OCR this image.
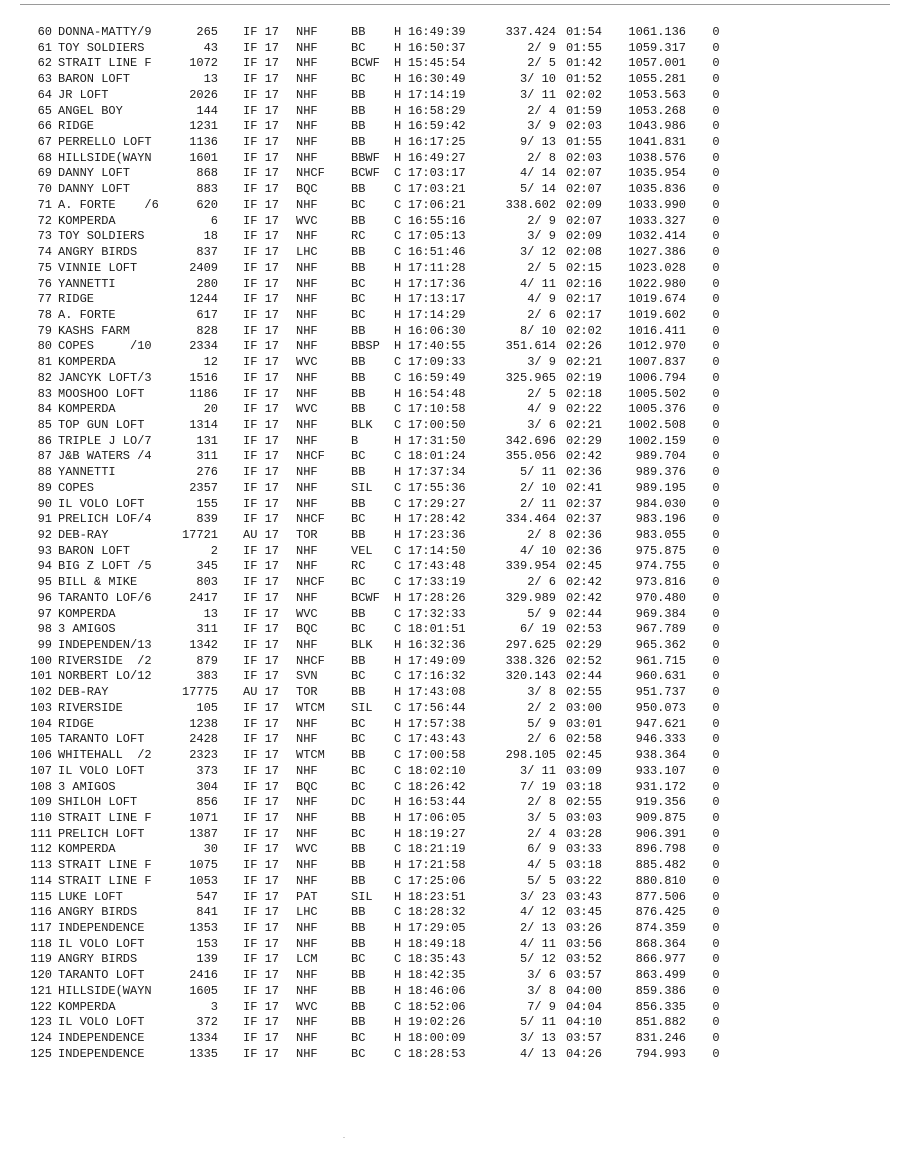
60 DONNA-MATTY/9	265 IF 17	NHF	BB	H 16:49:39	337.424 01:54	1061.136 0
61 TOY SOLDIERS	43 IF 17	NHF	BC	H 16:50:37	2/ 9 01:55	1059.317 0
62 STRAIT LINE F	1072 IF 17	NHF	BCWF	H 15:45:54	2/ 5 01:42	1057.001 0
63 BARON LOFT	13 IF 17	NHF	BC	H 16:30:49	3/ 10 01:52	1055.281 0
64 JR LOFT	2026 IF 17	NHF	BB	H 17:14:19	3/ 11 02:02	1053.563 0
65 ANGEL BOY	144 IF 17	NHF	BB	H 16:58:29	2/ 4 01:59	1053.268 0
66 RIDGE	1231 IF 17	NHF	BB	H 16:59:42	3/ 9 02:03	1043.986 0
67 PERRELLO LOFT	1136 IF 17	NHF	BB	H 16:17:25	9/ 13 01:55	1041.831 0
68 HILLSIDE(WAYN	1601 IF 17	NHF	BBWF	H 16:49:27	2/ 8 02:03	1038.576 0
69 DANNY LOFT	868 IF 17	NHCF	BCWF	C 17:03:17	4/ 14 02:07	1035.954 0
70 DANNY LOFT	883 IF 17	BQC	BB	C 17:03:21	5/ 14 02:07	1035.836 0
71 A. FORTE    /6	620 IF 17	NHF	BC	C 17:06:21	338.602 02:09	1033.990 0
72 KOMPERDA	6 IF 17	WVC	BB	C 16:55:16	2/ 9 02:07	1033.327 0
73 TOY SOLDIERS	18 IF 17	NHF	RC	C 17:05:13	3/ 9 02:09	1032.414 0
74 ANGRY BIRDS	837 IF 17	LHC	BB	C 16:51:46	3/ 12 02:08	1027.386 0
75 VINNIE LOFT	2409 IF 17	NHF	BB	H 17:11:28	2/ 5 02:15	1023.028 0
76 YANNETTI	280 IF 17	NHF	BC	H 17:17:36	4/ 11 02:16	1022.980 0
77 RIDGE	1244 IF 17	NHF	BC	H 17:13:17	4/ 9 02:17	1019.674 0
78 A. FORTE	617 IF 17	NHF	BC	H 17:14:29	2/ 6 02:17	1019.602 0
79 KASHS FARM	828 IF 17	NHF	BB	H 16:06:30	8/ 10 02:02	1016.411 0
80 COPES     /10	2334 IF 17	NHF	BBSP	H 17:40:55	351.614 02:26	1012.970 0
81 KOMPERDA	12 IF 17	WVC	BB	C 17:09:33	3/ 9 02:21	1007.837 0
82 JANCYK LOFT/3	1516 IF 17	NHF	BB	C 16:59:49	325.965 02:19	1006.794 0
83 MOOSHOO LOFT	1186 IF 17	NHF	BB	H 16:54:48	2/ 5 02:18	1005.502 0
84 KOMPERDA	20 IF 17	WVC	BB	C 17:10:58	4/ 9 02:22	1005.376 0
85 TOP GUN LOFT	1314 IF 17	NHF	BLK	C 17:00:50	3/ 6 02:21	1002.508 0
86 TRIPLE J LO/7	131 IF 17	NHF	B	H 17:31:50	342.696 02:29	1002.159 0
87 J&B WATERS /4	311 IF 17	NHCF	BC	C 18:01:24	355.056 02:42	989.704 0
88 YANNETTI	276 IF 17	NHF	BB	H 17:37:34	5/ 11 02:36	989.376 0
89 COPES	2357 IF 17	NHF	SIL	C 17:55:36	2/ 10 02:41	989.195 0
90 IL VOLO LOFT	155 IF 17	NHF	BB	C 17:29:27	2/ 11 02:37	984.030 0
91 PRELICH LOF/4	839 IF 17	NHCF	BC	H 17:28:42	334.464 02:37	983.196 0
92 DEB-RAY	17721 AU 17	TOR	BB	H 17:23:36	2/ 8 02:36	983.055 0
93 BARON LOFT	2 IF 17	NHF	VEL	C 17:14:50	4/ 10 02:36	975.875 0
94 BIG Z LOFT /5	345 IF 17	NHF	RC	C 17:43:48	339.954 02:45	974.755 0
95 BILL & MIKE	803 IF 17	NHCF	BC	C 17:33:19	2/ 6 02:42	973.816 0
96 TARANTO LOF/6	2417 IF 17	NHF	BCWF	H 17:28:26	329.989 02:42	970.480 0
97 KOMPERDA	13 IF 17	WVC	BB	C 17:32:33	5/ 9 02:44	969.384 0
98 3 AMIGOS	311 IF 17	BQC	BC	C 18:01:51	6/ 19 02:53	967.789 0
99 INDEPENDEN/13	1342 IF 17	NHF	BLK	H 16:32:36	297.625 02:29	965.362 0
100 RIVERSIDE  /2	879 IF 17	NHCF	BB	H 17:49:09	338.326 02:52	961.715 0
101 NORBERT LO/12	383 IF 17	SVN	BC	C 17:16:32	320.143 02:44	960.631 0
102 DEB-RAY	17775 AU 17	TOR	BB	H 17:43:08	3/ 8 02:55	951.737 0
103 RIVERSIDE	105 IF 17	WTCM	SIL	C 17:56:44	2/ 2 03:00	950.073 0
104 RIDGE	1238 IF 17	NHF	BC	H 17:57:38	5/ 9 03:01	947.621 0
105 TARANTO LOFT	2428 IF 17	NHF	BC	C 17:43:43	2/ 6 02:58	946.333 0
106 WHITEHALL  /2	2323 IF 17	WTCM	BB	C 17:00:58	298.105 02:45	938.364 0
107 IL VOLO LOFT	373 IF 17	NHF	BC	C 18:02:10	3/ 11 03:09	933.107 0
108 3 AMIGOS	304 IF 17	BQC	BC	C 18:26:42	7/ 19 03:18	931.172 0
109 SHILOH LOFT	856 IF 17	NHF	DC	H 16:53:44	2/ 8 02:55	919.356 0
110 STRAIT LINE F	1071 IF 17	NHF	BB	H 17:06:05	3/ 5 03:03	909.875 0
111 PRELICH LOFT	1387 IF 17	NHF	BC	H 18:19:27	2/ 4 03:28	906.391 0
112 KOMPERDA	30 IF 17	WVC	BB	C 18:21:19	6/ 9 03:33	896.798 0
113 STRAIT LINE F	1075 IF 17	NHF	BB	H 17:21:58	4/ 5 03:18	885.482 0
114 STRAIT LINE F	1053 IF 17	NHF	BB	C 17:25:06	5/ 5 03:22	880.810 0
115 LUKE LOFT	547 IF 17	PAT	SIL	H 18:23:51	3/ 23 03:43	877.506 0
116 ANGRY BIRDS	841 IF 17	LHC	BB	C 18:28:32	4/ 12 03:45	876.425 0
117 INDEPENDENCE	1353 IF 17	NHF	BB	H 17:29:05	2/ 13 03:26	874.359 0
118 IL VOLO LOFT	153 IF 17	NHF	BB	H 18:49:18	4/ 11 03:56	868.364 0
119 ANGRY BIRDS	139 IF 17	LCM	BC	C 18:35:43	5/ 12 03:52	866.977 0
120 TARANTO LOFT	2416 IF 17	NHF	BB	H 18:42:35	3/ 6 03:57	863.499 0
121 HILLSIDE(WAYN	1605 IF 17	NHF	BB	H 18:46:06	3/ 8 04:00	859.386 0
122 KOMPERDA	3 IF 17	WVC	BB	C 18:52:06	7/ 9 04:04	856.335 0
123 IL VOLO LOFT	372 IF 17	NHF	BB	H 19:02:26	5/ 11 04:10	851.882 0
124 INDEPENDENCE	1334 IF 17	NHF	BC	H 18:00:09	3/ 13 03:57	831.246 0
125 INDEPENDENCE	1335 IF 17	NHF	BC	C 18:28:53	4/ 13 04:26	794.993 0
